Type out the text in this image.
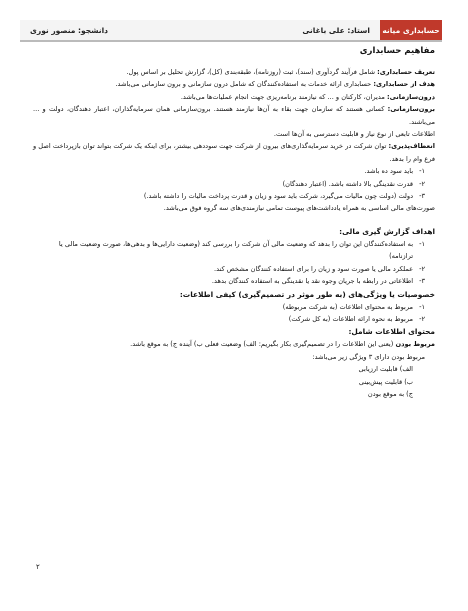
حسابداری میانه
استاد: علی باغانی
دانشجو: منصور نوری
مفاهیم حسابداری

تعریف حسابداری: شامل فرآیند گردآوری (سند)، ثبت (روزنامه)، طبقه‌بندی (کل)، گزارش تحلیل بر اساس پول.

هدف از حسابداری: حسابداری ارائه خدمات به استفاده‌کنندگان که شامل درون سازمانی و برون سازمانی می‌باشد.

درون‌سازمانی: مدیران، کارکنان و ... که نیازمند برنامه‌ریزی جهت انجام عملیات‌ها می‌باشد.

برون‌سازمانی: کسانی هستند که سازمان جهت بقاء به آن‌ها نیازمند هستند. برون‌سازمانی همان سرمایه‌گذاران، اعتبار دهندگان، دولت و ... می‌باشند.

اطلاعات تابعی از نوع نیاز و قابلیت دسترسی به آن‌ها است.

انعطاف‌پذیری: توان شرکت در خرید سرمایه‌گذاری‌های بیرون از شرکت جهت سوددهی بیشتر، برای اینکه یک شرکت بتواند توان بازپرداخت اصل و فرع وام را بدهد.

۱-
باید سود ده باشد.
۲-
قدرت نقدینگی بالا داشته باشد. (اعتبار دهندگان)
۳-
دولت (دولت چون مالیات می‌گیرد، شرکت باید سود و زیان و قدرت پرداخت مالیات را داشته باشد.)

صورت‌های مالی اساسی به همراه یادداشت‌های پیوست تمامی نیازمندی‌های سه گروه فوق می‌باشد.

اهداف گزارش گیری مالی:
۱-
به استفاده‌کنندگان این توان را بدهد که وضعیت مالی آن شرکت را بررسی کند (وضعیت دارایی‌ها و بدهی‌ها، صورت وضعیت مالی یا ترازنامه)
۲-
عملکرد مالی یا صورت سود و زیان را برای استفاده کنندگان مشخص کند.
۳-
اطلاعاتی در رابطه با جریان وجوه نقد یا نقدینگی به استفاده کنندگان بدهد.
خصوصیات یا ویژگی‌های (به طور موثر در تصمیم‌گیری) کیفی اطلاعات:
۱-
مربوط به محتوای اطلاعات (به شرکت مربوطه)
۲-
مربوط به نحوه ارائه اطلاعات (به کل شرکت)
محتوای اطلاعات شامل:

مربوط بودن (یعنی این اطلاعات را در تصمیم‌گیری بکار بگیریم: الف) وضعیت فعلی ب) آینده ج) به موقع باشد.

مربوط بودن دارای ۳ ویژگی زیر می‌باشد:
الف) قابلیت ارزیابی
ب) قابلیت پیش‌بینی
ج) به موقع بودن
۲
